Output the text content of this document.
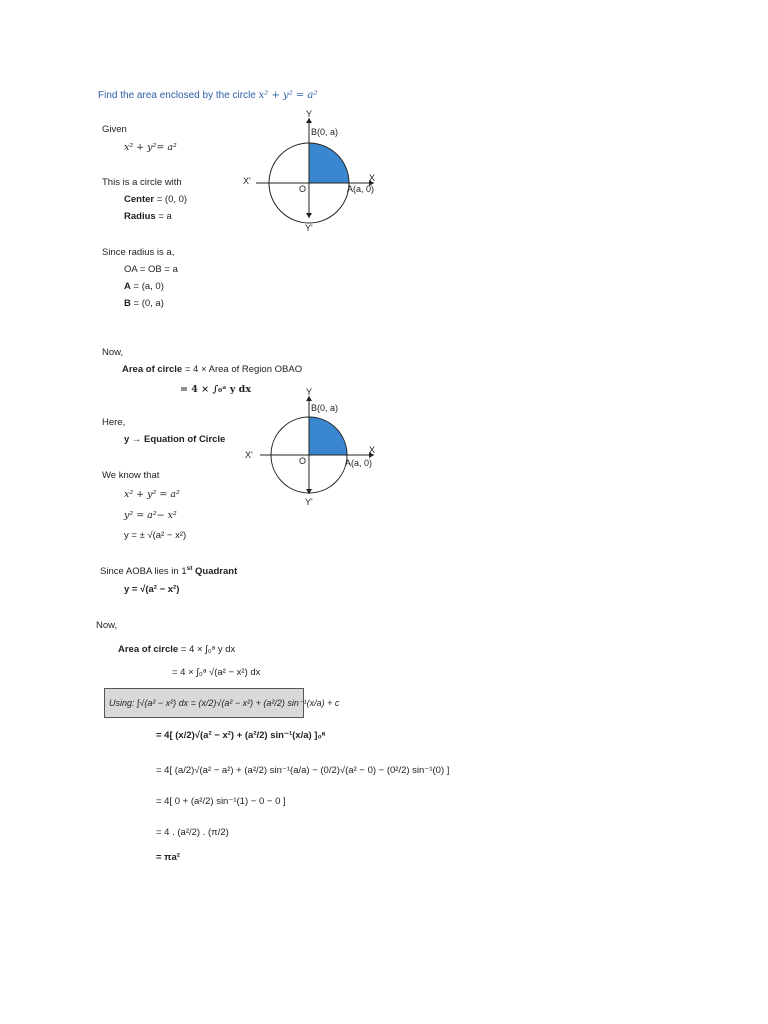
Find the area enclosed by the circle x² + y² = a²
Given
x² + y²= a²
This is a circle with
Center = (0, 0)
Radius = a
Since radius is a,
OA = OB = a
A = (a, 0)
B = (0, a)
Now,
Area of circle = 4 × Area of Region OBAO
= 4 × ∫₀ᵃ y dx
Here,
y → Equation of Circle
We know that
x² + y² = a²
y² = a²− x²
y = ± √(a² − x²)
Since AOBA lies in 1st Quadrant
y = √(a² − x²)
Now,
Area of circle = 4 × ∫₀ᵃ y dx
= 4 × ∫₀ᵃ √(a² − x²) dx
Using: ∫√(a² − x²) dx = (x/2)√(a² − x²) + (a²/2) sin⁻¹(x/a) + c
= 4[ (x/2)√(a² − x²) + (a²/2) sin⁻¹(x/a) ]₀ᵃ
= 4[ (a/2)√(a² − a²) + (a²/2) sin⁻¹(a/a) − (0/2)√(a² − 0) − (0²/2) sin⁻¹(0) ]
= 4[ 0 + (a²/2) sin⁻¹(1) − 0 − 0 ]
= 4 . (a²/2) . (π/2)
= πa²
Y
Y'
X
X'
O
B(0, a)
A(a, 0)
Y
Y'
X
X'
O
B(0, a)
A(a, 0)
